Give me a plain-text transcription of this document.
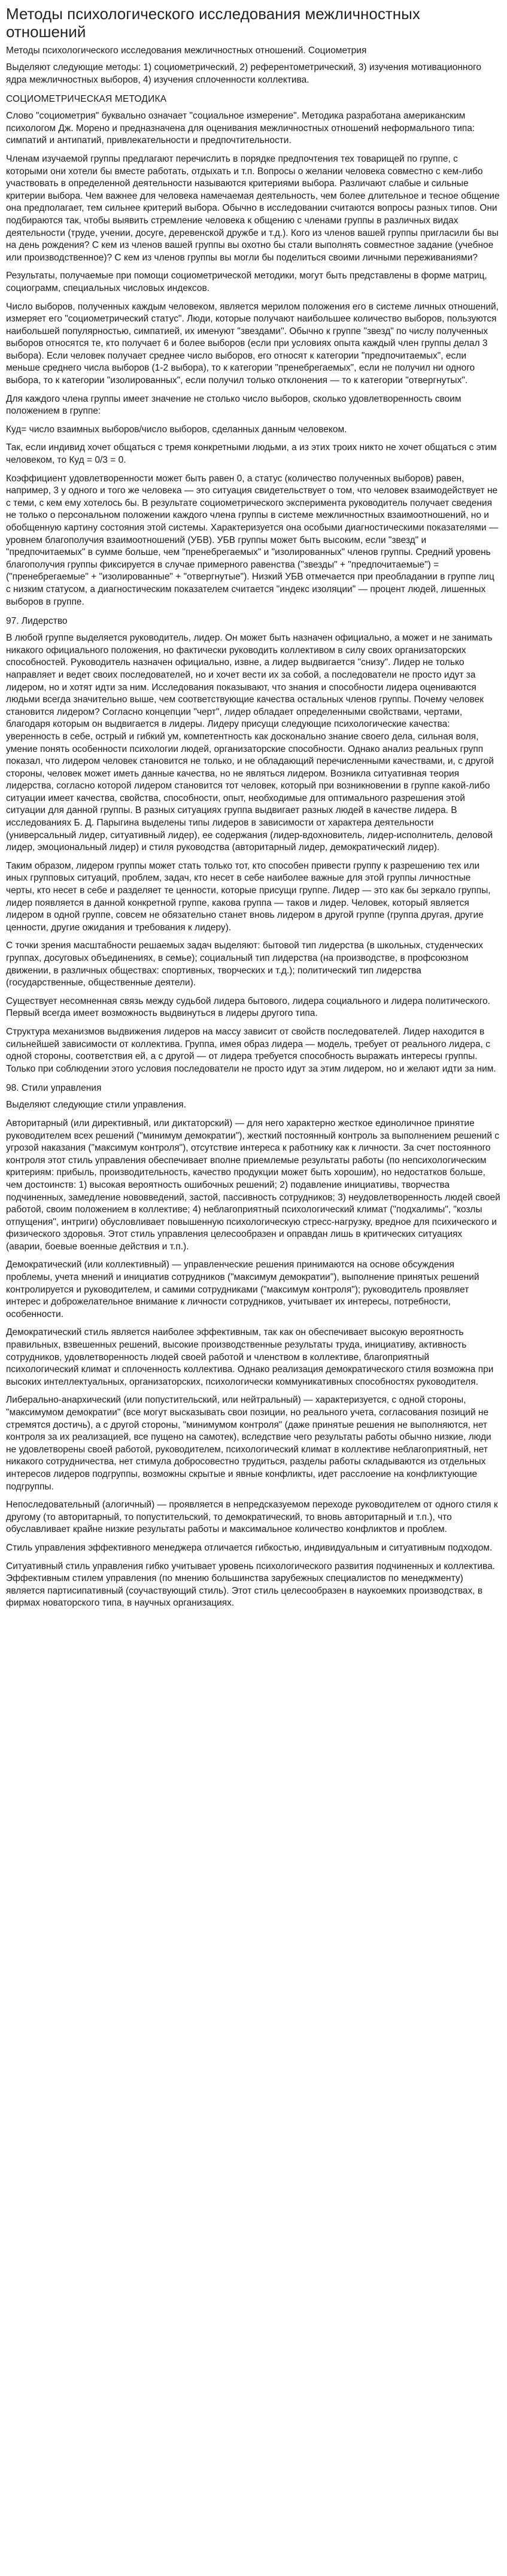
Методы психологического исследования межличностных отношений
Методы психологического исследования межличностных отношений. Социометрия

Выделяют следующие методы: 1) социометрический, 2) референтометрический, 3) изучения мотивационного ядра межличностных выборов, 4) изучения сплоченности коллектива.

СОЦИОМЕТРИЧЕСКАЯ МЕТОДИКА

Слово "социометрия" буквально означает "социальное измерение". Методика разработана американским психологом Дж. Морено и предназначена для оценивания межличностных отношений неформального типа: симпатий и антипатий, привлекательности и предпочтительности.

Членам изучаемой группы предлагают перечислить в порядке предпочтения тех товарищей по группе, с которыми они хотели бы вместе работать, отдыхать и т.п. Вопросы о желании человека совместно с кем-либо участвовать в определенной деятельности называются критериями выбора. Различают слабые и сильные критерии выбора. Чем важнее для человека намечаемая деятельность, чем более длительное и тесное общение она предполагает, тем сильнее критерий выбора. Обычно в исследовании считаются вопросы разных типов. Они подбираются так, чтобы выявить стремление человека к общению с членами группы в различных видах деятельности (труде, учении, досуге, деревенской дружбе и т.д.). Кого из членов вашей группы пригласили бы вы на день рождения? С кем из членов вашей группы вы охотно бы стали выполнять совместное задание (учебное или производственное)? С кем из членов группы вы могли бы поделиться своими личными переживаниями?

Результаты, получаемые при помощи социометрической методики, могут быть представлены в форме матриц, социограмм, специальных числовых индексов.

Число выборов, полученных каждым человеком, является мерилом положения его в системе личных отношений, измеряет его "социометрический статус". Люди, которые получают наибольшее количество выборов, пользуются наибольшей популярностью, симпатией, их именуют "звездами". Обычно к группе "звезд" по числу полученных выборов относятся те, кто получает 6 и более выборов (если при условиях опыта каждый член группы делал 3 выбора). Если человек получает среднее число выборов, его относят к категории "предпочитаемых", если меньше среднего числа выборов (1-2 выбора), то к категории "пренебрегаемых", если не получил ни одного выбора, то к категории "изолированных", если получил только отклонения — то к категории "отвергнутых".

Для каждого члена группы имеет значение не столько число выборов, сколько удовлетворенность своим положением в группе:

Куд= число взаимных выборов/число выборов, сделанных данным человеком.

Так, если индивид хочет общаться с тремя конкретными людьми, а из этих троих никто не хочет общаться с этим человеком, то Куд = 0/3 = 0.

Коэффициент удовлетворенности может быть равен 0, а статус (количество полученных выборов) равен, например, 3 у одного и того же человека — это ситуация свидетельствует о том, что человек взаимодействует не с теми, с кем ему хотелось бы. В результате социометрического эксперимента руководитель получает сведения не только о персональном положении каждого члена группы в системе межличностных взаимоотношений, но и обобщенную картину состояния этой системы. Характеризуется она особыми диагностическими показателями — уровнем благополучия взаимоотношений (УБВ). УБВ группы может быть высоким, если "звезд" и "предпочитаемых" в сумме больше, чем "пренебрегаемых" и "изолированных" членов группы. Средний уровень благополучия группы фиксируется в случае примерного равенства ("звезды" + "предпочитаемые") = ("пренебрегаемые" + "изолированные" + "отвергнутые"). Низкий УБВ отмечается при преобладании в группе лиц с низким статусом, а диагностическим показателем считается "индекс изоляции" — процент людей, лишенных выборов в группе.

97. Лидерство

В любой группе выделяется руководитель, лидер. Он может быть назначен официально, а может и не занимать никакого официального положения, но фактически руководить коллективом в силу своих организаторских способностей. Руководитель назначен официально, извне, а лидер выдвигается "снизу". Лидер не только направляет и ведет своих последователей, но и хочет вести их за собой, а последователи не просто идут за лидером, но и хотят идти за ним. Исследования показывают, что знания и способности лидера оцениваются людьми всегда значительно выше, чем соответствующие качества остальных членов группы. Почему человек становится лидером? Согласно концепции "черт", лидер обладает определенными свойствами, чертами, благодаря которым он выдвигается в лидеры. Лидеру присущи следующие психологические качества: уверенность в себе, острый и гибкий ум, компетентность как досконально знание своего дела, сильная воля, умение понять особенности психологии людей, организаторские способности. Однако анализ реальных групп показал, что лидером человек становится не только, и не обладающий перечисленными качествами, и, с другой стороны, человек может иметь данные качества, но не являться лидером. Возникла ситуативная теория лидерства, согласно которой лидером становится тот человек, который при возникновении в группе какой-либо ситуации имеет качества, свойства, способности, опыт, необходимые для оптимального разрешения этой ситуации для данной группы. В разных ситуациях группа выдвигает разных людей в качестве лидера. В исследованиях Б. Д. Парыгина выделены типы лидеров в зависимости от характера деятельности (универсальный лидер, ситуативный лидер), ее содержания (лидер-вдохновитель, лидер-исполнитель, деловой лидер, эмоциональный лидер) и стиля руководства (авторитарный лидер, демократический лидер).

Таким образом, лидером группы может стать только тот, кто способен привести группу к разрешению тех или иных групповых ситуаций, проблем, задач, кто несет в себе наиболее важные для этой группы личностные черты, кто несет в себе и разделяет те ценности, которые присущи группе. Лидер — это как бы зеркало группы, лидер появляется в данной конкретной группе, какова группа — таков и лидер. Человек, который является лидером в одной группе, совсем не обязательно станет вновь лидером в другой группе (группа другая, другие ценности, другие ожидания и требования к лидеру).

С точки зрения масштабности решаемых задач выделяют: бытовой тип лидерства (в школьных, студенческих группах, досуговых объединениях, в семье); социальный тип лидерства (на производстве, в профсоюзном движении, в различных обществах: спортивных, творческих и т.д.); политический тип лидерства (государственные, общественные деятели).

Существует несомненная связь между судьбой лидера бытового, лидера социального и лидера политического. Первый всегда имеет возможность выдвинуться в лидеры другого типа.

Структура механизмов выдвижения лидеров на массу зависит от свойств последователей. Лидер находится в сильнейшей зависимости от коллектива. Группа, имея образ лидера — модель, требует от реального лидера, с одной стороны, соответствия ей, а с другой — от лидера требуется способность выражать интересы группы. Только при соблюдении этого условия последователи не просто идут за этим лидером, но и желают идти за ним.

98. Стили управления

Выделяют следующие стили управления.

Авторитарный (или директивный, или диктаторский) — для него характерно жесткое единоличное принятие руководителем всех решений ("минимум демократии"), жесткий постоянный контроль за выполнением решений с угрозой наказания ("максимум контроля"), отсутствие интереса к работнику как к личности. За счет постоянного контроля этот стиль управления обеспечивает вполне приемлемые результаты работы (по непсихологическим критериям: прибыль, производительность, качество продукции может быть хорошим), но недостатков больше, чем достоинств: 1) высокая вероятность ошибочных решений; 2) подавление инициативы, творчества подчиненных, замедление нововведений, застой, пассивность сотрудников; 3) неудовлетворенность людей своей работой, своим положением в коллективе; 4) неблагоприятный психологический климат ("подхалимы", "козлы отпущения", интриги) обусловливает повышенную психологическую стресс-нагрузку, вредное для психического и физического здоровья. Этот стиль управления целесообразен и оправдан лишь в критических ситуациях (аварии, боевые военные действия и т.п.).

Демократический (или коллективный) — управленческие решения принимаются на основе обсуждения проблемы, учета мнений и инициатив сотрудников ("максимум демократии"), выполнение принятых решений контролируется и руководителем, и самими сотрудниками ("максимум контроля"); руководитель проявляет интерес и доброжелательное внимание к личности сотрудников, учитывает их интересы, потребности, особенности.

Демократический стиль является наиболее эффективным, так как он обеспечивает высокую вероятность правильных, взвешенных решений, высокие производственные результаты труда, инициативу, активность сотрудников, удовлетворенность людей своей работой и членством в коллективе, благоприятный психологический климат и сплоченность коллектива. Однако реализация демократического стиля возможна при высоких интеллектуальных, организаторских, психологически коммуникативных способностях руководителя.

Либерально-анархический (или попустительский, или нейтральный) — характеризуется, с одной стороны, "максимумом демократии" (все могут высказывать свои позиции, но реального учета, согласования позиций не стремятся достичь), а с другой стороны, "минимумом контроля" (даже принятые решения не выполняются, нет контроля за их реализацией, все пущено на самотек), вследствие чего результаты работы обычно низкие, люди не удовлетворены своей работой, руководителем, психологический климат в коллективе неблагоприятный, нет никакого сотрудничества, нет стимула добросовестно трудиться, разделы работы складываются из отдельных интересов лидеров подгруппы, возможны скрытые и явные конфликты, идет расслоение на конфликтующие подгруппы.

Непоследовательный (алогичный) — проявляется в непредсказуемом переходе руководителем от одного стиля к другому (то авторитарный, то попустительский, то демократический, то вновь авторитарный и т.п.), что обуславливает крайне низкие результаты работы и максимальное количество конфликтов и проблем.

Стиль управления эффективного менеджера отличается гибкостью, индивидуальным и ситуативным подходом.

Ситуативный стиль управления гибко учитывает уровень психологического развития подчиненных и коллектива. Эффективным стилем управления (по мнению большинства зарубежных специалистов по менеджменту) является партисипативный (соучаствующий стиль). Этот стиль целесообразен в наукоемких производствах, в фирмах новаторского типа, в научных организациях.
